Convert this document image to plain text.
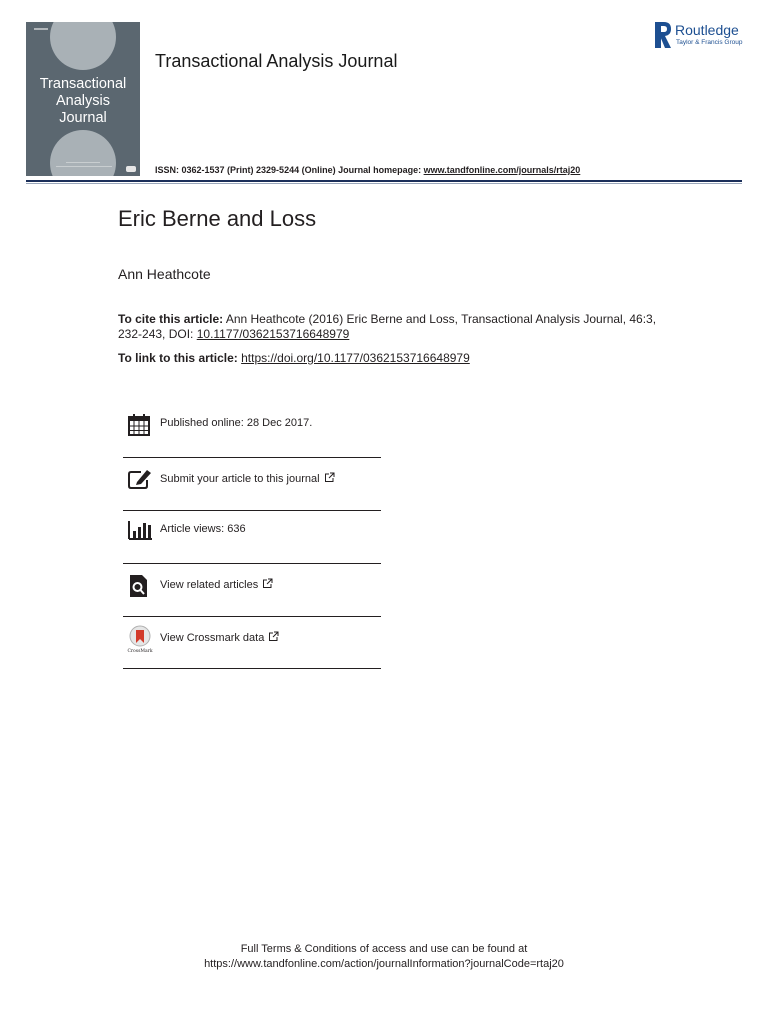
Transactional
Analysis
Journal
Transactional Analysis Journal
Routledge
Taylor & Francis Group
ISSN: 0362-1537 (Print) 2329-5244 (Online) Journal homepage: www.tandfonline.com/journals/rtaj20
Eric Berne and Loss
Ann Heathcote
To cite this article: Ann Heathcote (2016) Eric Berne and Loss, Transactional Analysis Journal, 46:3, 232-243, DOI: 10.1177/0362153716648979
To link to this article: https://doi.org/10.1177/0362153716648979
Published online: 28 Dec 2017.
Submit your article to this journal
Article views: 636
View related articles
CrossMark
View Crossmark data
Full Terms & Conditions of access and use can be found at
https://www.tandfonline.com/action/journalInformation?journalCode=rtaj20
